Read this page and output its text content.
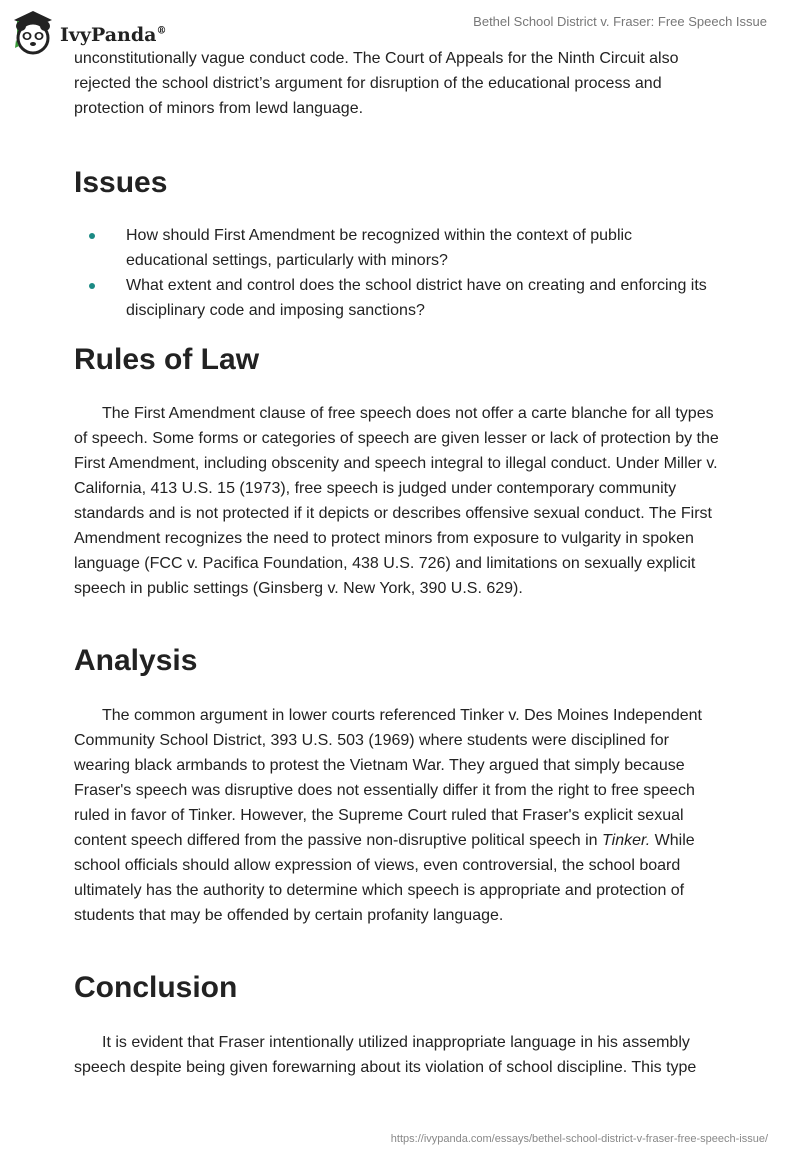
IvyPanda®
Bethel School District v. Fraser: Free Speech Issue

unconstitutionally vague conduct code. The Court of Appeals for the Ninth Circuit also rejected the school district’s argument for disruption of the educational process and protection of minors from lewd language.

Issues
How should First Amendment be recognized within the context of public educational settings, particularly with minors?
What extent and control does the school district have on creating and enforcing its disciplinary code and imposing sanctions?
Rules of Law

The First Amendment clause of free speech does not offer a carte blanche for all types of speech. Some forms or categories of speech are given lesser or lack of protection by the First Amendment, including obscenity and speech integral to illegal conduct. Under Miller v. California, 413 U.S. 15 (1973), free speech is judged under contemporary community standards and is not protected if it depicts or describes offensive sexual conduct. The First Amendment recognizes the need to protect minors from exposure to vulgarity in spoken language (FCC v. Pacifica Foundation, 438 U.S. 726) and limitations on sexually explicit speech in public settings (Ginsberg v. New York, 390 U.S. 629).

Analysis

The common argument in lower courts referenced Tinker v. Des Moines Independent Community School District, 393 U.S. 503 (1969) where students were disciplined for wearing black armbands to protest the Vietnam War. They argued that simply because Fraser's speech was disruptive does not essentially differ it from the right to free speech ruled in favor of Tinker. However, the Supreme Court ruled that Fraser's explicit sexual content speech differed from the passive non-disruptive political speech in Tinker. While school officials should allow expression of views, even controversial, the school board ultimately has the authority to determine which speech is appropriate and protection of students that may be offended by certain profanity language.

Conclusion

It is evident that Fraser intentionally utilized inappropriate language in his assembly speech despite being given forewarning about its violation of school discipline. This type

https://ivypanda.com/essays/bethel-school-district-v-fraser-free-speech-issue/
